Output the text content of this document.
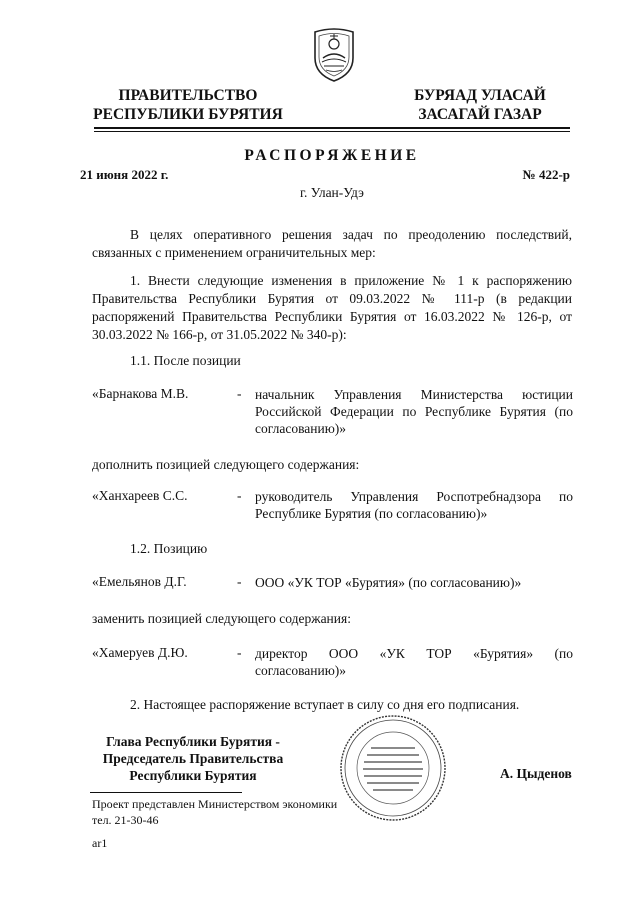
ПРАВИТЕЛЬСТВО
РЕСПУБЛИКИ БУРЯТИЯ
БУРЯАД УЛАСАЙ
ЗАСАГАЙ ГАЗАР
РАСПОРЯЖЕНИЕ
21 июня 2022 г.	№ 422-р
г. Улан-Удэ
В целях оперативного решения задач по преодолению последствий, связанных с применением ограничительных мер:
1. Внести следующие изменения в приложение № 1 к распоряжению Правительства Республики Бурятия от 09.03.2022 № 111-р (в редакции распоряжений Правительства Республики Бурятия от 16.03.2022 № 126-р, от 30.03.2022 № 166-р, от 31.05.2022 № 340-р):
1.1. После позиции
«Барнакова М.В.	- начальник Управления Министерства юстиции Российской Федерации по Республике Бурятия (по согласованию)»
дополнить позицией следующего содержания:
«Ханхареев С.С.	- руководитель Управления Роспотребнадзора по Республике Бурятия (по согласованию)»
1.2. Позицию
«Емельянов Д.Г.	- ООО «УК ТОР «Бурятия» (по согласованию)»
заменить позицией следующего содержания:
«Хамеруев Д.Ю.	- директор ООО «УК ТОР «Бурятия» (по согласованию)»
2. Настоящее распоряжение вступает в силу со дня его подписания.
Глава Республики Бурятия -
Председатель Правительства
Республики Бурятия	А. Цыденов
Проект представлен Министерством экономики
тел. 21-30-46
ar1
